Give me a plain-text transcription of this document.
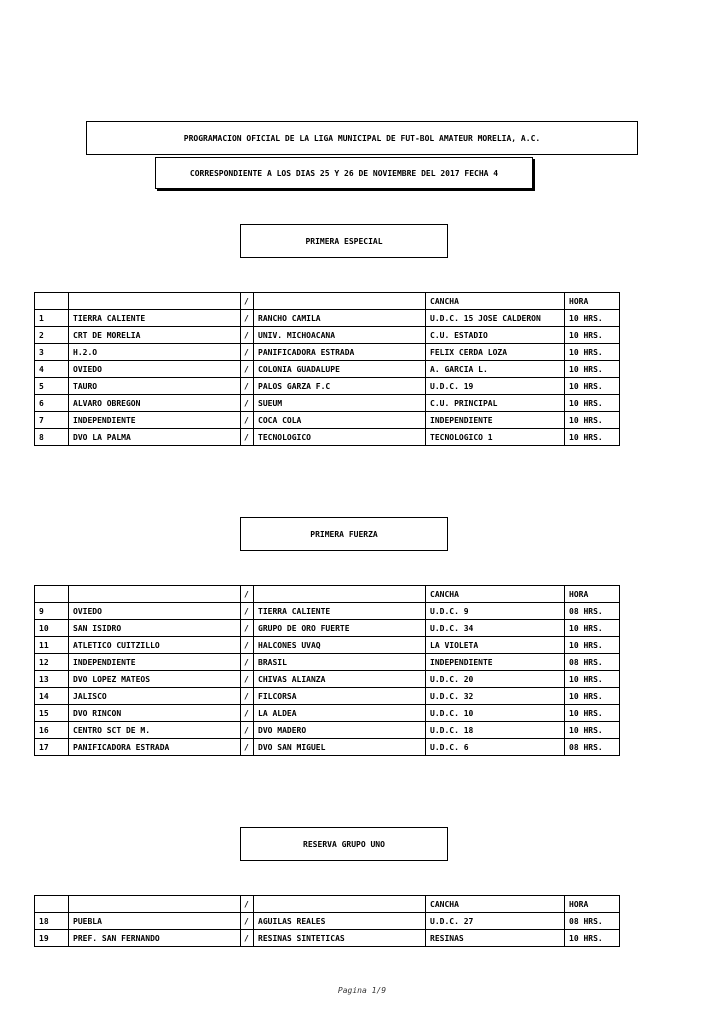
PROGRAMACION OFICIAL DE LA LIGA MUNICIPAL DE FUT-BOL AMATEUR MORELIA, A.C.
CORRESPONDIENTE A LOS DIAS 25 Y 26 DE NOVIEMBRE DEL 2017 FECHA 4
PRIMERA ESPECIAL
		/		CANCHA	HORA
1	TIERRA CALIENTE	/	RANCHO CAMILA	U.D.C. 15 JOSE CALDERON	10 HRS.
2	CRT DE MORELIA	/	UNIV. MICHOACANA	C.U. ESTADIO	10 HRS.
3	H.2.O	/	PANIFICADORA ESTRADA	FELIX CERDA LOZA	10 HRS.
4	OVIEDO	/	COLONIA GUADALUPE	A. GARCIA L.	10 HRS.
5	TAURO	/	PALOS GARZA F.C	U.D.C. 19	10 HRS.
6	ALVARO OBREGON	/	SUEUM	C.U. PRINCIPAL	10 HRS.
7	INDEPENDIENTE	/	COCA COLA	INDEPENDIENTE	10 HRS.
8	DVO LA PALMA	/	TECNOLOGICO	TECNOLOGICO 1	10 HRS.
PRIMERA FUERZA
		/		CANCHA	HORA
9	OVIEDO	/	TIERRA CALIENTE	U.D.C. 9	08 HRS.
10	SAN ISIDRO	/	GRUPO DE ORO FUERTE	U.D.C. 34	10 HRS.
11	ATLETICO CUITZILLO	/	HALCONES UVAQ	LA VIOLETA	10 HRS.
12	INDEPENDIENTE	/	BRASIL	INDEPENDIENTE	08 HRS.
13	DVO LOPEZ MATEOS	/	CHIVAS ALIANZA	U.D.C. 20	10 HRS.
14	JALISCO	/	FILCORSA	U.D.C. 32	10 HRS.
15	DVO RINCON	/	LA ALDEA	U.D.C. 10	10 HRS.
16	CENTRO SCT DE M.	/	DVO MADERO	U.D.C. 18	10 HRS.
17	PANIFICADORA ESTRADA	/	DVO SAN MIGUEL	U.D.C. 6	08 HRS.
RESERVA GRUPO UNO
		/		CANCHA	HORA
18	PUEBLA	/	AGUILAS REALES	U.D.C. 27	08 HRS.
19	PREF. SAN FERNANDO	/	RESINAS SINTETICAS	RESINAS	10 HRS.
Pagina 1/9
